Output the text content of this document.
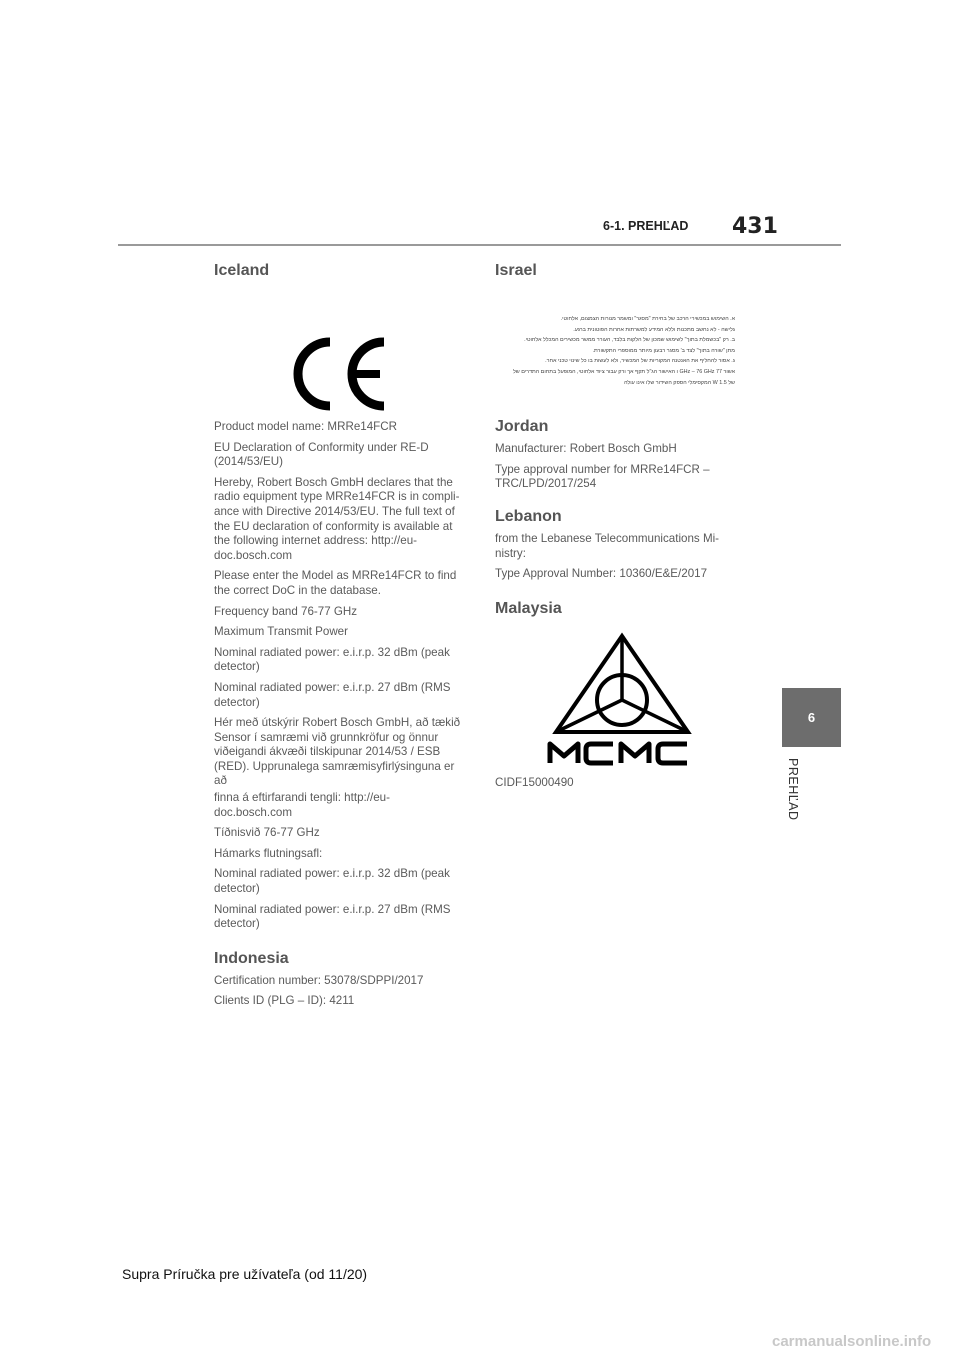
6-1. PREHĽAD 431
6
PREHĽAD
Iceland

Product model name: MRRe14FCR

EU Declaration of Conformity under RE-D (2014/53/EU)

Hereby, Robert Bosch GmbH declares that the radio equipment type MRRe14FCR is in compli-ance with Directive 2014/53/EU. The full text of the EU declaration of conformity is available at the following internet address: http://eu-doc.bosch.com

Please enter the Model as MRRe14FCR to find the correct DoC in the database.

Frequency band 76-77 GHz

Maximum Transmit Power

Nominal radiated power: e.i.r.p. 32 dBm (peak detector)

Nominal radiated power: e.i.r.p. 27 dBm (RMS detector)

Hér með útskýrir Robert Bosch GmbH, að tækið Sensor í samræmi við grunnkröfur og önnur viðeigandi ákvæði tilskipunar 2014/53 / ESB (RED). Upprunalega samræmisyfirlýsinguna er að

finna á eftirfarandi tengli: http://eu-doc.bosch.com

Tíðnisvið 76-77 GHz

Hámarks flutningsafl:

Nominal radiated power: e.i.r.p. 32 dBm (peak detector)

Nominal radiated power: e.i.r.p. 27 dBm (RMS detector)

Indonesia

Certification number: 53078/SDPPI/2017

Clients ID (PLG – ID): 4211

Israel
א. השימוש במכשירי הרכב של בחירת "מסגר" ומשמר מנורות הצמצום, אלחוטי.
גלישה - לא נחשב מתכנות וללא המידע למשרתות אחרות הפוטונית ברגע.
ב. רק "בכשמלת בתוך" לשימוש שמכון של הלקות בלבד, העורר ממשר מכשירים המכלל אלחוטי.
מתן "שורה בתוך" לצד ב' מסגר רבעון מיותר ממוספרי התקשורת.
ג. אסור להחליף את האנטנה המקוריות של המכשיר, ולא לעשות בו כל שינוי טכני אחר.
אשור 77 GHz – 76 GHz ו האישור הג"ל תקף אך ורק עבור ציוד אלחוטי, המופעל בתחום התדרים של
של W 1.5 המקסימלי הספק השידור שלו אינו עולה
Jordan

Manufacturer: Robert Bosch GmbH

Type approval number for MRRe14FCR – TRC/LPD/2017/254

Lebanon

from the Lebanese Telecommunications Mi-nistry:

Type Approval Number: 10360/E&E/2017

Malaysia

CIDF15000490

Supra Príručka pre užívateľa (od 11/20)
carmanualsonline.info
